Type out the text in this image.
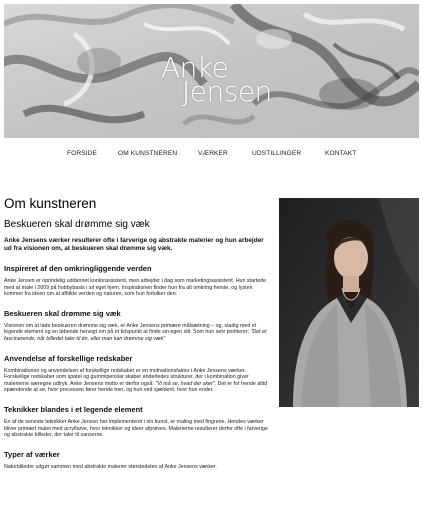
Anke
Jensen
FORSIDE	OM KUNSTNEREN	VÆRKER	UDSTILLINGER	KONTAKT
Om kunstneren
Beskueren skal drømme sig væk

Anke Jensens værker resulterer ofte i farverige og abstrakte malerier og hun arbejder ud fra visionen om, at beskueren skal drømme sig væk.

Inspireret af den omkringliggende verden

Anke Jensen er oprindelig uddannet kontorassistent, men arbejder i dag som marketingsassistent. Hun startede med at male i 2009 på hobbybasis i sit eget hjem. Inspirationen finder hun fra alt omkring hende, og lysten kommer fra ideen om at afbilde verden og naturen, som hun fortolker den.

Beskueren skal drømme sig væk

Visionen om at lade beskueren drømme sig væk, er Anke Jensens primære målsætning – og, stadig med et legende element og en løbende hensigt om på et tidspunkt at finde sin egen stil. Som hun selv pointerer: "Det er fascinerende, når billedet taler til én, eller man kan drømme sig væk"

Anvendelse af forskellige redskaber

Kombinationen og anvendelsen af forskellige redskaber er en motivationsfaktor i Anke Jensens værker. Forskellige redskaber som spatel og gummipenslar skaber anderledes strukturer, der i kombination giver malerierne særegne udtryk. Anke Jensens motto er derfor også: "Vi må se, hvad der sker". Det er for hende altid spændende at se, hvor processen fører hende hen, og hun ved sjældent, hvor hun ender.

Teknikker blandes i et legende element

En af de seneste teknikker Anke Jensen har implementeret i sin kunst, er maling med fingrene. Hendes værker bliver primært malet med acrylfarve, hvor teknikker og ideer afprøves. Malerierne resulterer derfor ofte i farverige og abstrakte billeder, der taler til sanserne.

Typer af værker

Naturbilleder udgør sammen med abstrakte malerier størstedelen af Anke Jensens værker.
